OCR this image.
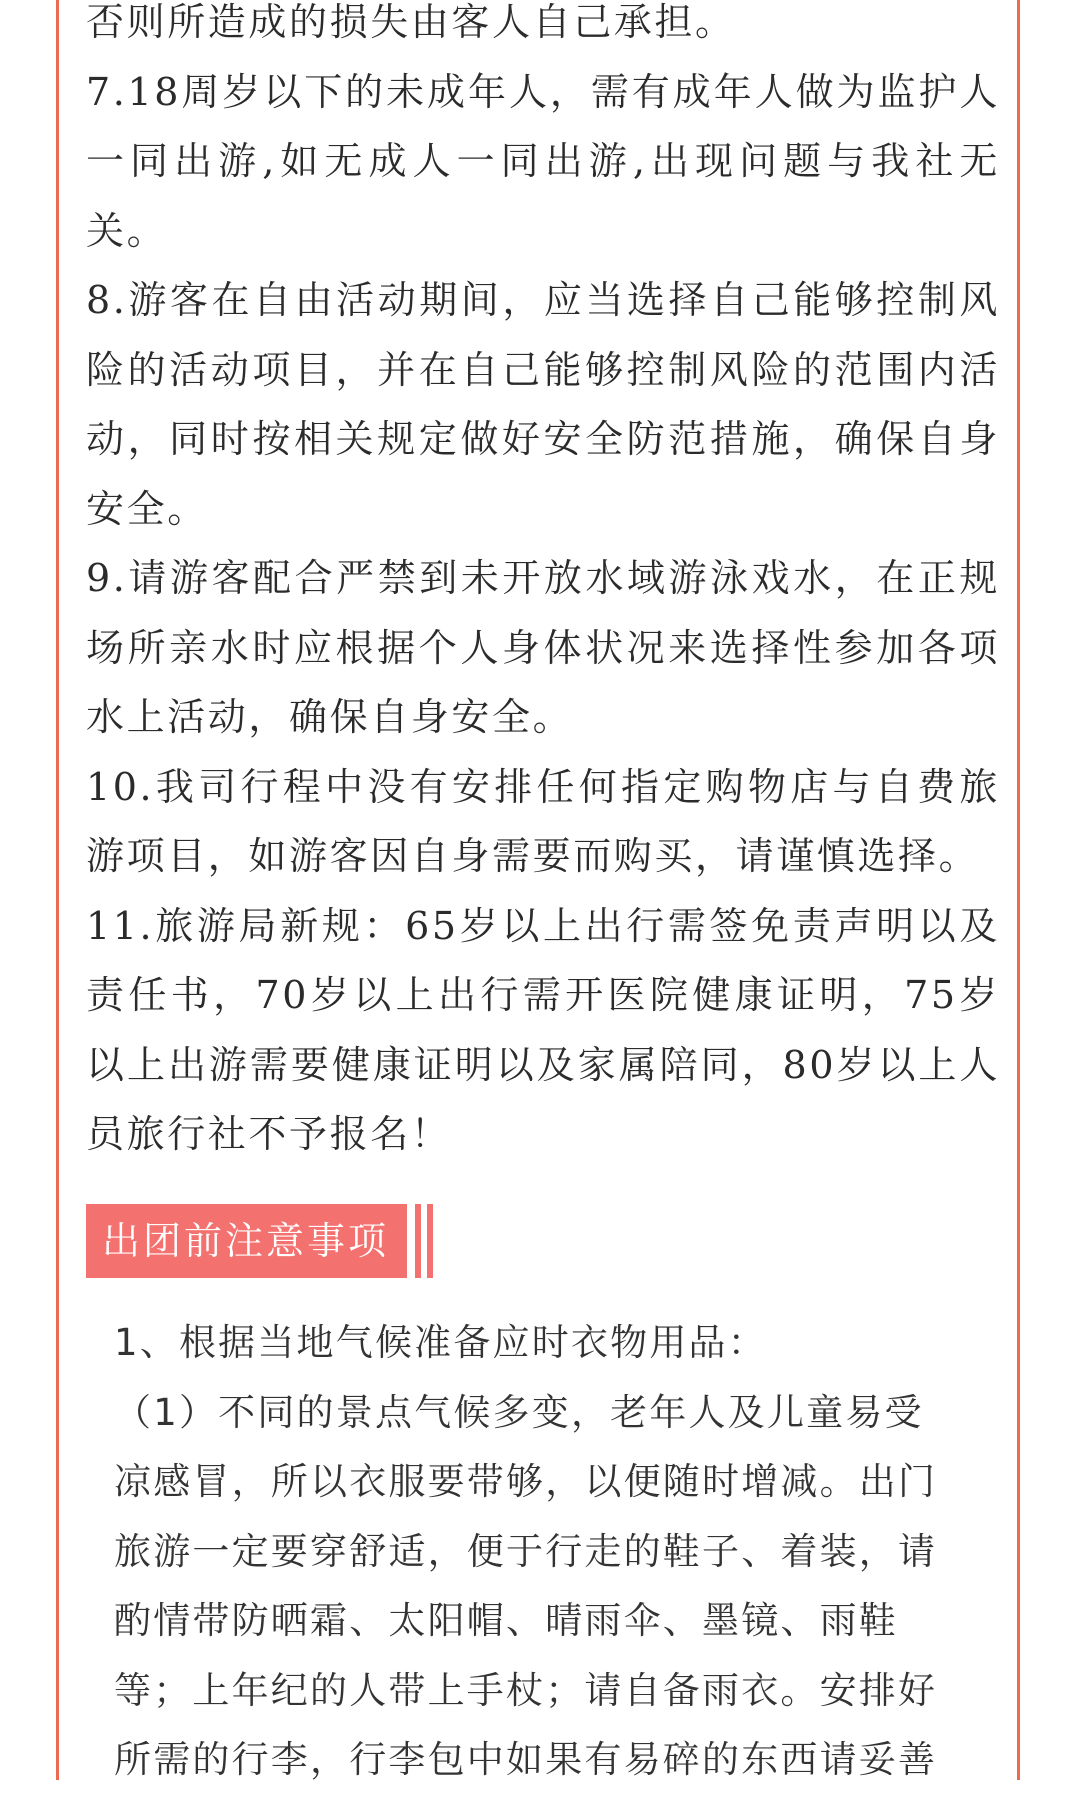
否则所造成的损失由客人自己承担。

7.18周岁以下的未成年人，需有成年人做为监护人一同出游,如无成人一同出游,出现问题与我社无关。

8.游客在自由活动期间，应当选择自己能够控制风险的活动项目，并在自己能够控制风险的范围内活动，同时按相关规定做好安全防范措施，确保自身安全。

9.请游客配合严禁到未开放水域游泳戏水，在正规场所亲水时应根据个人身体状况来选择性参加各项水上活动，确保自身安全。

10.我司行程中没有安排任何指定购物店与自费旅游项目，如游客因自身需要而购买，请谨慎选择。

11.旅游局新规：65岁以上出行需签免责声明以及责任书，70岁以上出行需开医院健康证明，75岁以上出游需要健康证明以及家属陪同，80岁以上人员旅行社不予报名！

出团前注意事项

1、根据当地气候准备应时衣物用品：

（1）不同的景点气候多变，老年人及儿童易受凉感冒，所以衣服要带够，以便随时增减。出门旅游一定要穿舒适，便于行走的鞋子、着装，请酌情带防晒霜、太阳帽、晴雨伞、墨镜、雨鞋等；上年纪的人带上手杖；请自备雨衣。安排好所需的行李，行李包中如果有易碎的东西请妥善
